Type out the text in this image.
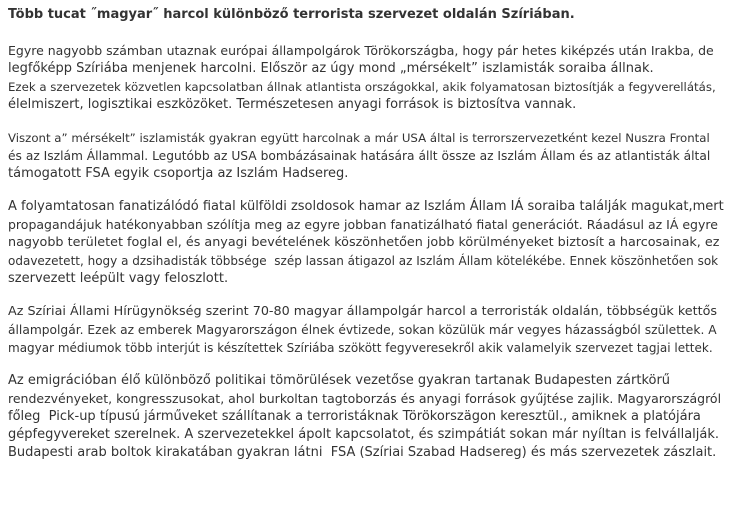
Több tucat ˝magyar˝ harcol különböző terrorista szervezet oldalán Szíriában.
Egyre nagyobb számban utaznak európai állampolgárok Törökországba, hogy pár hetes kiképzés után Irakba, de
legfőképp Szíriába menjenek harcolni. Először az úgy mond „mérsékelt” iszlamisták soraiba állnak.
Ezek a szervezetek közvetlen kapcsolatban állnak atlantista országokkal, akik folyamatosan biztosítják a fegyverellátás,
élelmiszert, logisztikai eszközöket. Természetesen anyagi források is biztosítva vannak.
Viszont a” mérsékelt” iszlamisták gyakran együtt harcolnak a már USA által is terrorszervezetként kezel Nuszra Frontal
és az Iszlám Állammal. Legutóbb az USA bombázásainak hatására állt össze az Iszlám Állam és az atlantisták által
támogatott FSA egyik csoportja az Iszlám Hadsereg.
A folyamtatosan fanatizálódó fiatal külföldi zsoldosok hamar az Iszlám Állam IÁ soraiba találják magukat,mert
propagandájuk hatékonyabban szólítja meg az egyre jobban fanatizálható fiatal generációt. Ráadásul az IÁ egyre
nagyobb területet foglal el, és anyagi bevételének köszönhetően jobb körülményeket biztosít a harcosainak, ez
odavezetett, hogy a dzsihadisták többsége  szép lassan átigazol az Iszlám Állam kötelékébe. Ennek köszönhetően sok
szervezett leépült vagy feloszlott.
Az Szíriai Állami Hírügynökség szerint 70-80 magyar állampolgár harcol a terroristák oldalán, többségük kettős
állampolgár. Ezek az emberek Magyarországon élnek évtizede, sokan közülük már vegyes házasságból születtek. A
magyar médiumok több interjút is készítettek Szíriába szökött fegyveresekről akik valamelyik szervezet tagjai lettek.
Az emigrációban élő különböző politikai tömörülések vezetőse gyakran tartanak Budapesten zártkörű
rendezvényeket, kongresszusokat, ahol burkoltan tagtoborzás és anyagi források gyűjtése zajlik. Magyarországról
főleg  Pick-up típusú járműveket szállítanak a terroristáknak Törökorszägon keresztül., amiknek a platójára
gépfegyvereket szerelnek. A szervezetekkel ápolt kapcsolatot, és szimpátiát sokan már nyíltan is felvállalják.
Budapesti arab boltok kirakatában gyakran látni  FSA (Szíriai Szabad Hadsereg) és más szervezetek zászlait.
